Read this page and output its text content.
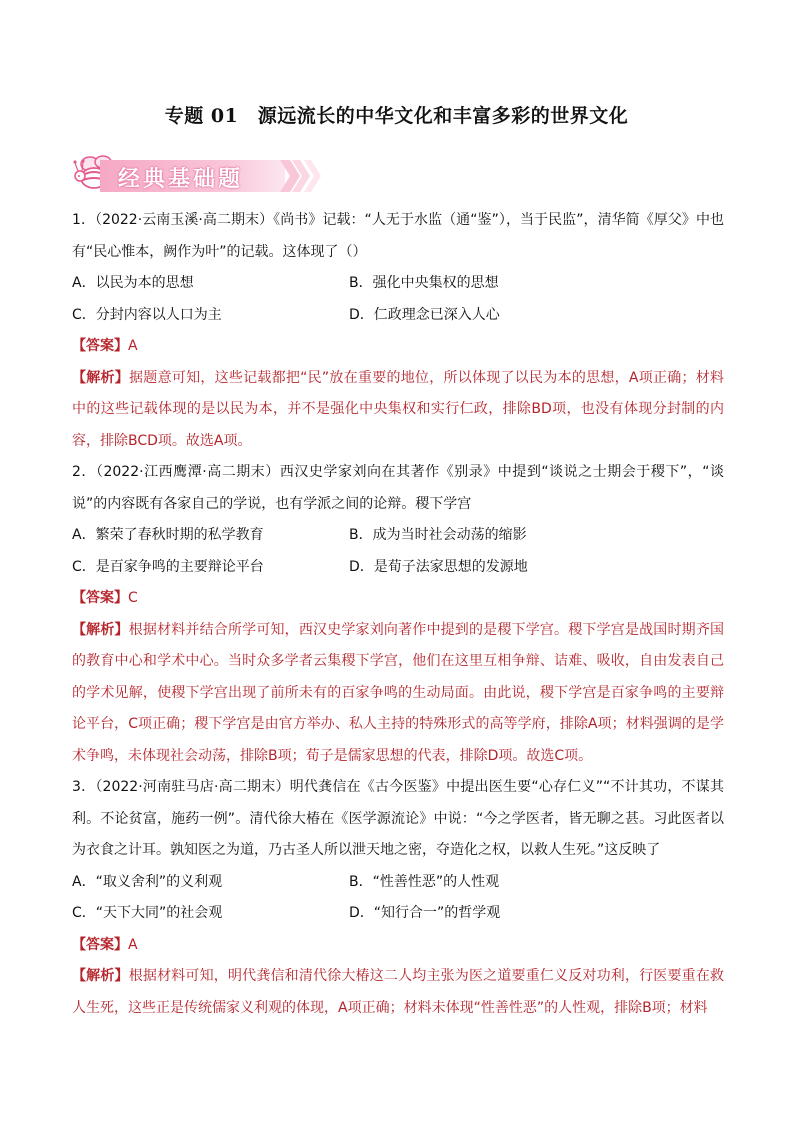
专题 01　源远流长的中华文化和丰富多彩的世界文化
经典基础题

1．（2022·云南玉溪·高二期末）《尚书》记载：“人无于水监（通“鉴”），当于民监”，清华简《厚父》中也有“民心惟本，阙作为叶”的记载。这体现了（）

A．以民为本的思想	B．强化中央集权的思想
C．分封内容以人口为主	D．仁政理念已深入人心
【答案】A

【解析】据题意可知，这些记载都把“民”放在重要的地位，所以体现了以民为本的思想，A项正确；材料中的这些记载体现的是以民为本，并不是强化中央集权和实行仁政，排除BD项，也没有体现分封制的内容，排除BCD项。故选A项。

2．（2022·江西鹰潭·高二期末）西汉史学家刘向在其著作《别录》中提到“谈说之士期会于稷下”，“谈说”的内容既有各家自己的学说，也有学派之间的论辩。稷下学宫

A．繁荣了春秋时期的私学教育	B．成为当时社会动荡的缩影
C．是百家争鸣的主要辩论平台	D．是荀子法家思想的发源地
【答案】C

【解析】根据材料并结合所学可知，西汉史学家刘向著作中提到的是稷下学宫。稷下学宫是战国时期齐国的教育中心和学术中心。当时众多学者云集稷下学宫，他们在这里互相争辩、诘难、吸收，自由发表自己的学术见解，使稷下学宫出现了前所未有的百家争鸣的生动局面。由此说，稷下学宫是百家争鸣的主要辩论平台，C项正确；稷下学宫是由官方举办、私人主持的特殊形式的高等学府，排除A项；材料强调的是学术争鸣，未体现社会动荡，排除B项；荀子是儒家思想的代表，排除D项。故选C项。

3．（2022·河南驻马店·高二期末）明代龚信在《古今医鉴》中提出医生要“心存仁义”“不计其功，不谋其利。不论贫富，施药一例”。清代徐大椿在《医学源流论》中说：“今之学医者，皆无聊之甚。习此医者以为衣食之计耳。孰知医之为道，乃古圣人所以泄天地之密，夺造化之权，以救人生死。”这反映了

A．“取义舍利”的义利观	B．“性善性恶”的人性观
C．“天下大同”的社会观	D．“知行合一”的哲学观
【答案】A

【解析】根据材料可知，明代龚信和清代徐大椿这二人均主张为医之道要重仁义反对功利，行医要重在救人生死，这些正是传统儒家义利观的体现，A项正确；材料未体现“性善性恶”的人性观，排除B项；材料
